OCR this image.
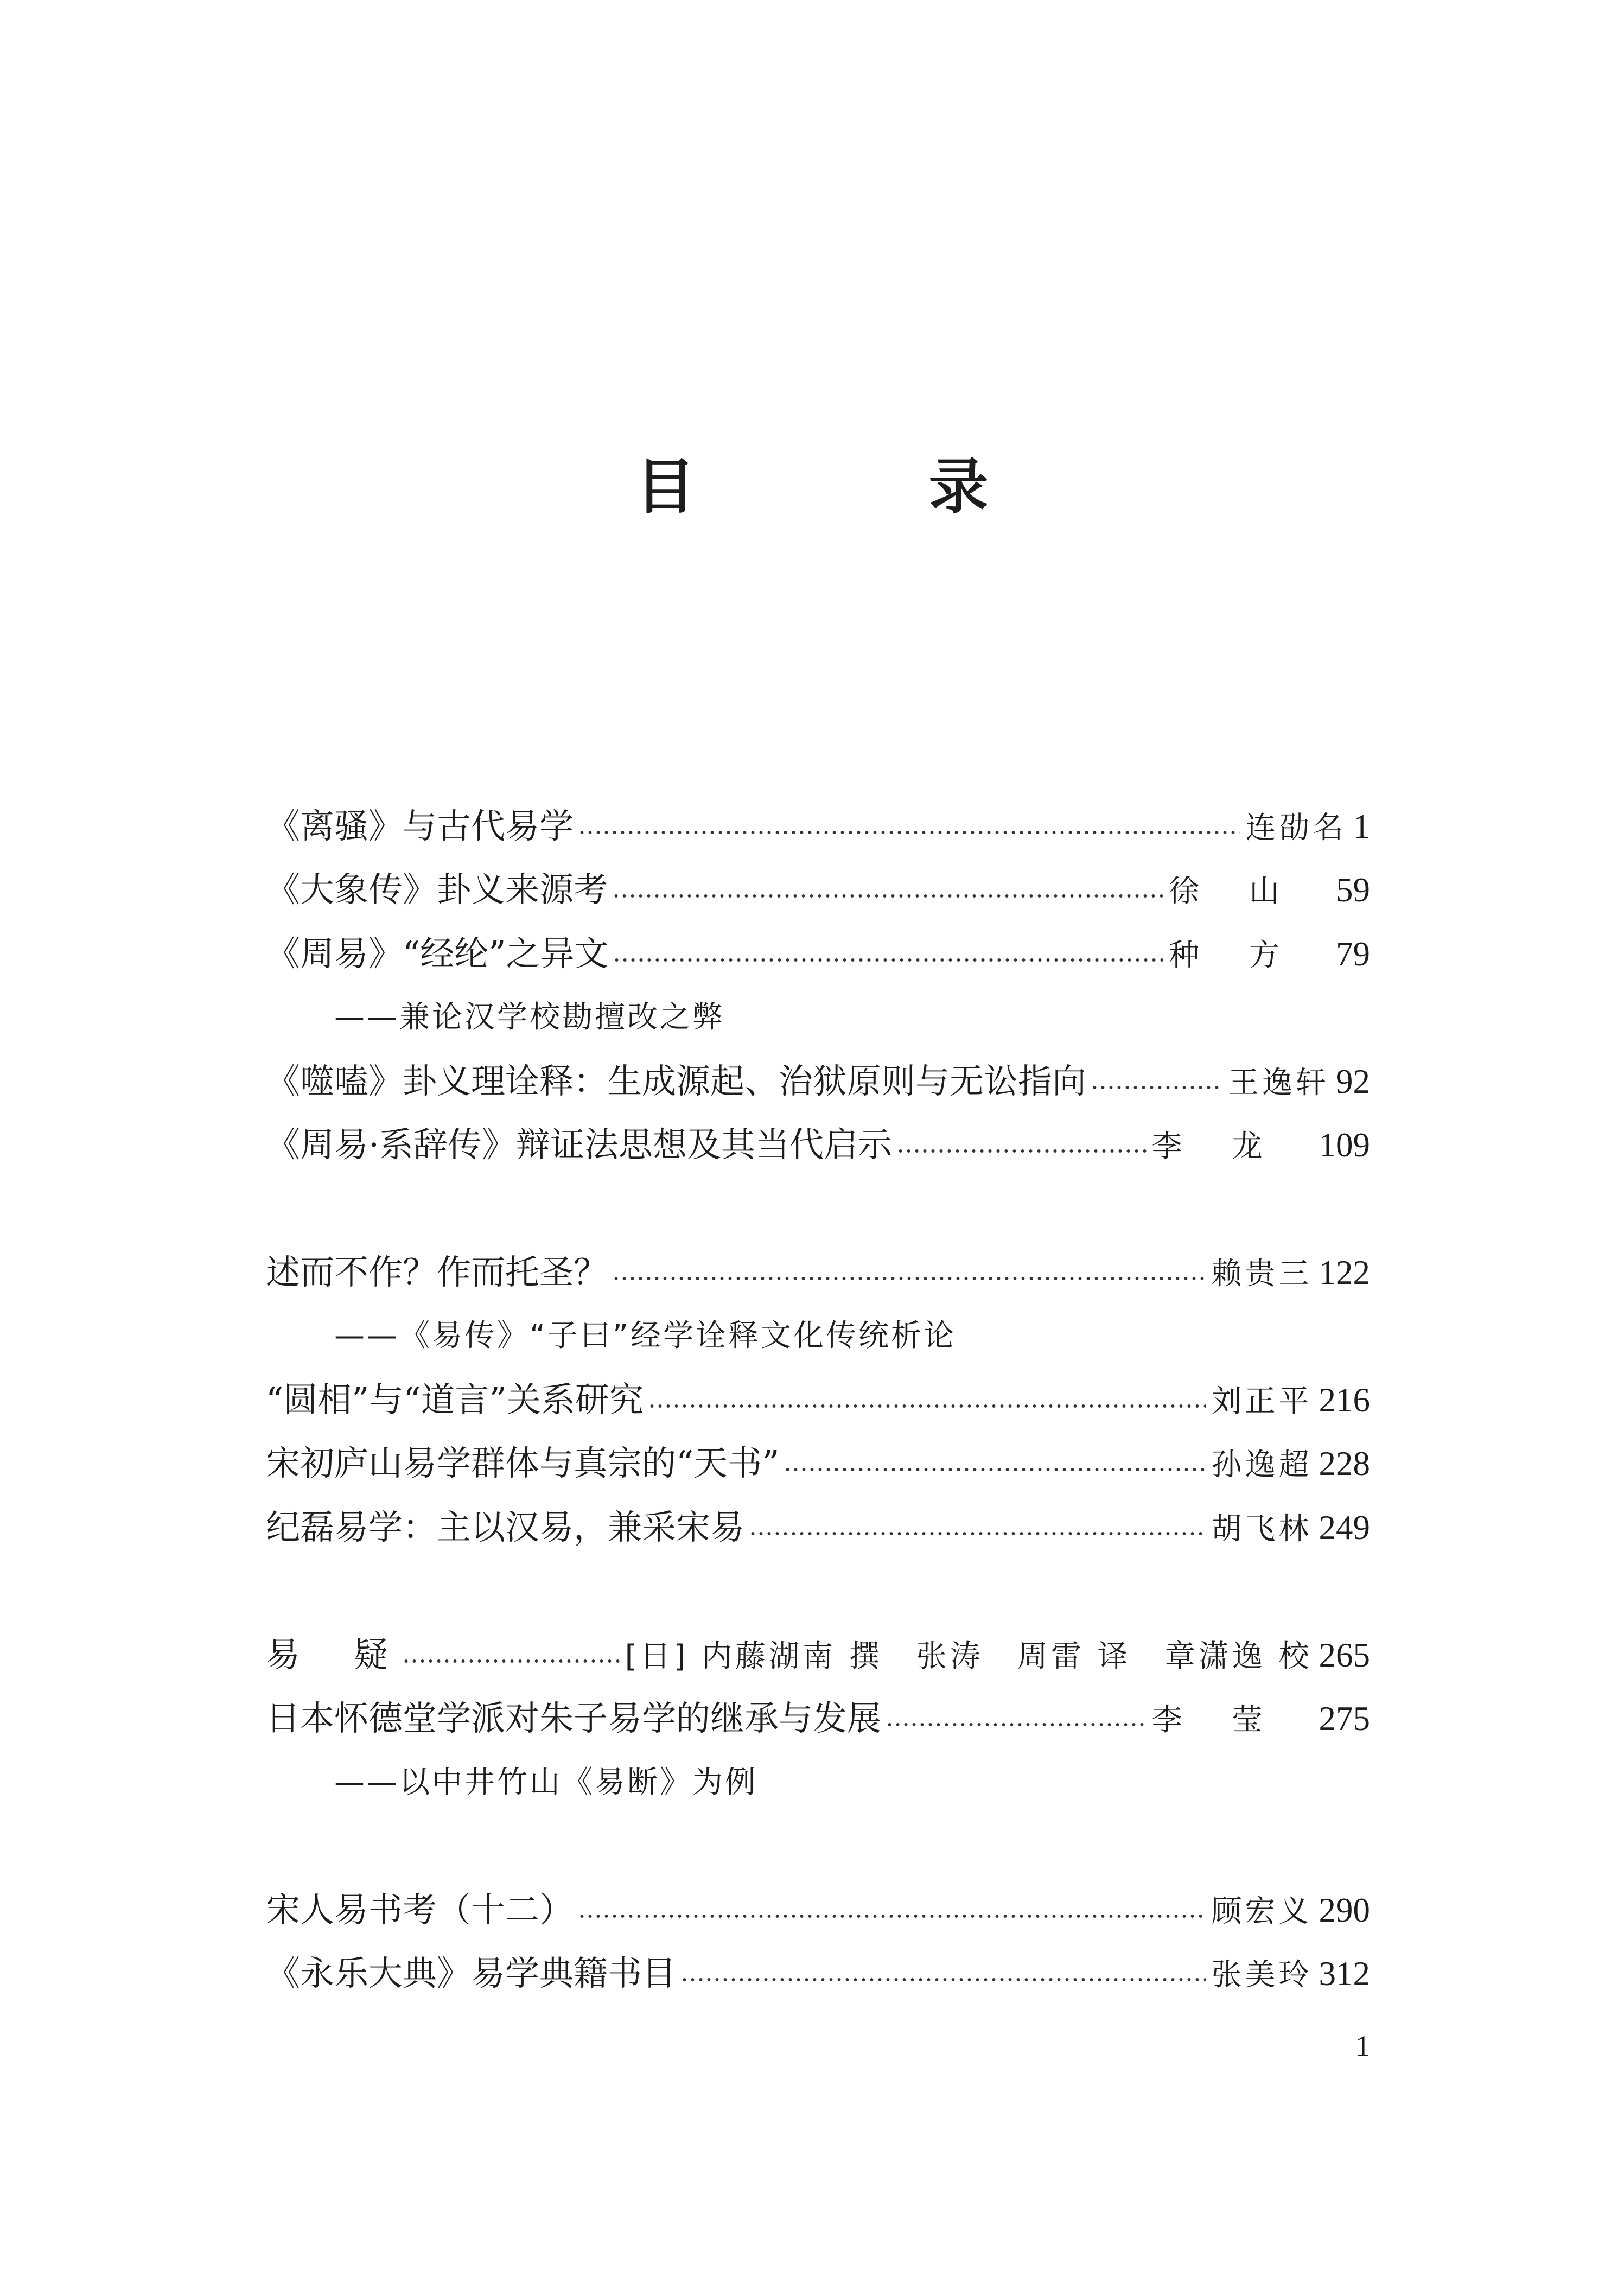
目　录
《离骚》与古代易学	连劭名 1
《大象传》卦义来源考	徐山 59
《周易》“经纶”之异文	种方 79
——兼论汉学校勘擅改之弊
《噬嗑》卦义理诠释：生成源起、治狱原则与无讼指向	王逸轩 92
《周易·系辞传》辩证法思想及其当代启示	李龙 109
述而不作？作而托圣？	赖贵三 122
——《易传》“子曰”经学诠释文化传统析论
“圆相”与“道言”关系研究	刘正平 216
宋初庐山易学群体与真宗的“天书”	孙逸超 228
纪磊易学：主以汉易，兼采宋易	胡飞林 249
易　疑	[日] 内藤湖南 撰　张涛　周雷 译　章潇逸 校 265
日本怀德堂学派对朱子易学的继承与发展	李莹 275
——以中井竹山《易断》为例
宋人易书考（十二）	顾宏义 290
《永乐大典》易学典籍书目	张美玲 312
1
